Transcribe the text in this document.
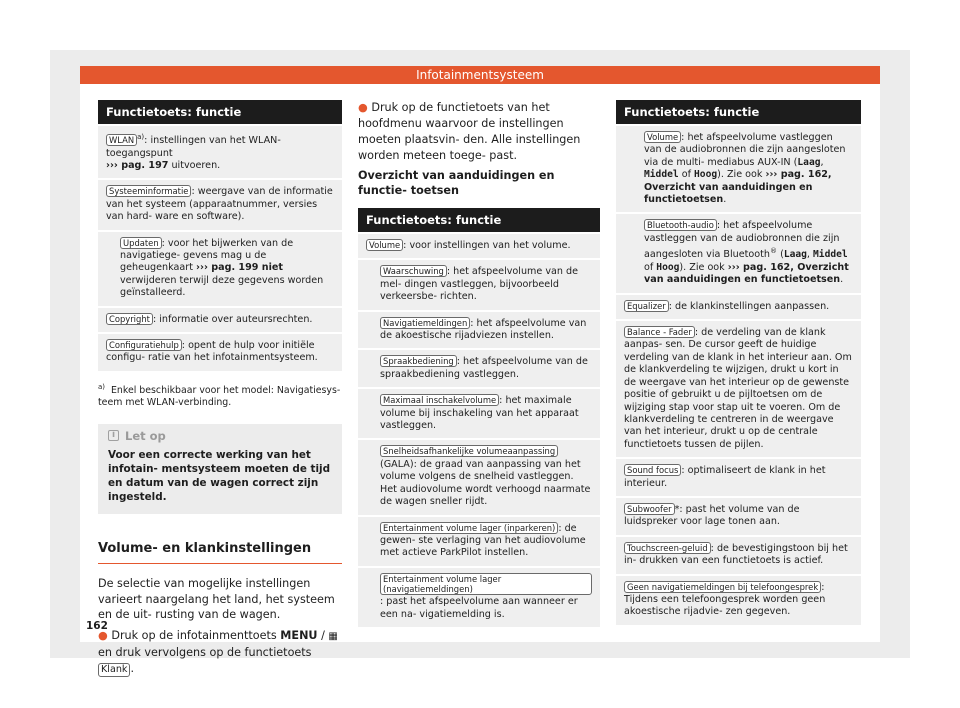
Infotainmentsysteem
Functietoets: functie
WLAN $^{a)}$: instellingen van het WLAN-toegangspunt
››› pag. 197 uitvoeren.
Systeeminformatie : weergave van de informatie van het systeem (apparaatnummer, versies van hard- ware en software).
Updaten : voor het bijwerken van de navigatiege- gevens mag u de geheugenkaart ››› pag. 199 niet verwijderen terwijl deze gegevens worden geïnstalleerd.
Copyright : informatie over auteursrechten.
Configuratiehulp : opent de hulp voor initiële configu- ratie van het infotainmentsysteem.
$^{a)}$ Enkel beschikbaar voor het model: Navigatiesys- teem met WLAN-verbinding.
i Let op
Voor een correcte werking van het infotain- mentsysteem moeten de tijd en datum van de wagen correct zijn ingesteld.
Volume- en klankinstellingen
De selectie van mogelijke instellingen varieert naargelang het land, het systeem en de uit- rusting van de wagen.
● Druk op de infotainmenttoets MENU / ▦ en druk vervolgens op de functietoets Klank .
● Druk op de functietoets van het hoofdmenu waarvoor de instellingen moeten plaatsvin- den. Alle instellingen worden meteen toege- past.
Overzicht van aanduidingen en functie- toetsen
Functietoets: functie
Volume : voor instellingen van het volume.
Waarschuwing : het afspeelvolume van de mel- dingen vastleggen, bijvoorbeeld verkeersbe- richten.
Navigatiemeldingen : het afspeelvolume van de akoestische rijadviezen instellen.
Spraakbediening : het afspeelvolume van de spraakbediening vastleggen.
Maximaal inschakelvolume : het maximale volume bij inschakeling van het apparaat vastleggen.
Snelheidsafhankelijke volumeaanpassing (GALA): de graad van aanpassing van het volume volgens de snelheid vastleggen. Het audiovolume wordt verhoogd naarmate de wagen sneller rijdt.
Entertainment volume lager (inparkeren) : de gewen- ste verlaging van het audiovolume met actieve ParkPilot instellen.
Entertainment volume lager (navigatiemeldingen): past het afspeelvolume aan wanneer er een na- vigatiemelding is.
Functietoets: functie
Volume : het afspeelvolume vastleggen van de audiobronnen die zijn aangesloten via de multi- mediabus AUX-IN (Laag, Middel of Hoog). Zie ook ››› pag. 162, Overzicht van aanduidingen en functietoetsen.
Bluetooth-audio : het afspeelvolume vastleggen van de audiobronnen die zijn aangesloten via Bluetooth® (Laag, Middel of Hoog). Zie ook ››› pag. 162, Overzicht van aanduidingen en functietoetsen.
Equalizer : de klankinstellingen aanpassen.
Balance - Fader : de verdeling van de klank aanpas- sen. De cursor geeft de huidige verdeling van de klank in het interieur aan. Om de klankverdeling te wijzigen, drukt u kort in de weergave van het interieur op de gewenste positie of gebruikt u de pijltoetsen om de wijziging stap voor stap uit te voeren. Om de klankverdeling te centreren in de weergave van het interieur, drukt u op de centrale functietoets tussen de pijlen.
Sound focus : optimaliseert de klank in het interieur.
Subwoofer *: past het volume van de luidspreker voor lage tonen aan.
Touchscreen-geluid : de bevestigingstoon bij het in- drukken van een functietoets is actief.
Geen navigatiemeldingen bij telefoongesprek : Tijdens een telefoongesprek worden geen akoestische rijadvie- zen gegeven.
162
